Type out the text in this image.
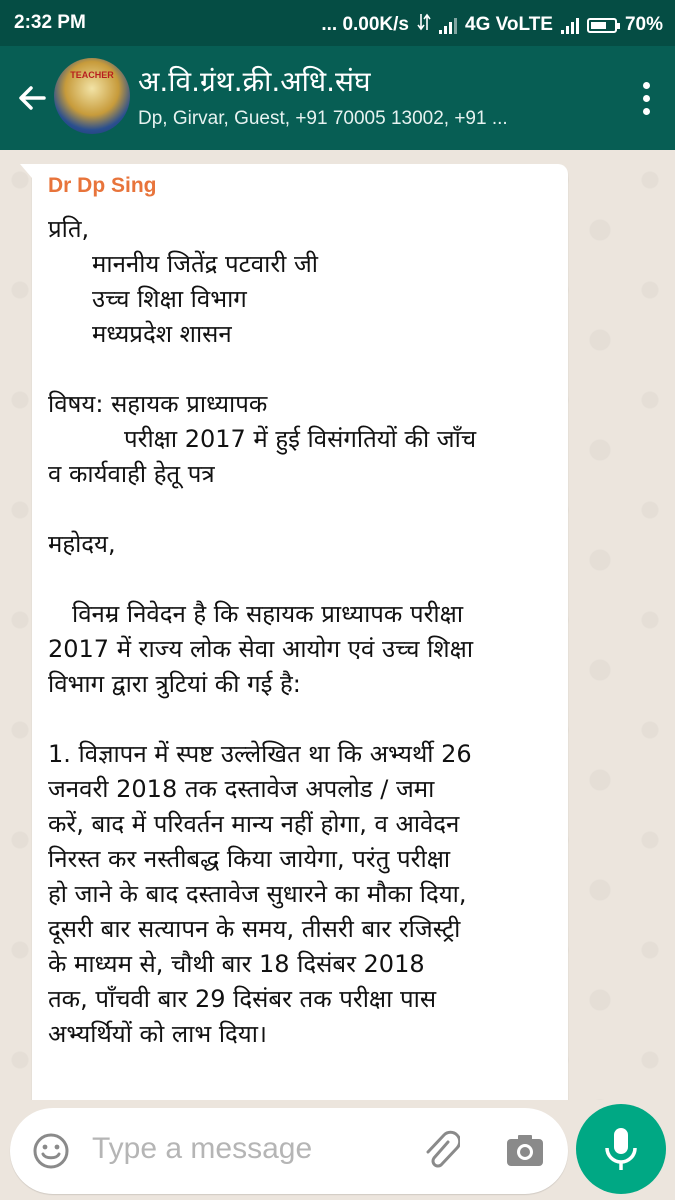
2:32 PM	... 0.00K/s	4G VoLTE	70%
TEACHER अ.वि.ग्रंथ.क्री.अधि.संघ
Dp, Girvar, Guest, +91 70005 13002, +91 ...
Dr Dp Sing

प्रति,

माननीय जितेंद्र पटवारी जी

उच्च शिक्षा विभाग

मध्यप्रदेश शासन

विषय: सहायक प्राध्यापक

परीक्षा 2017 में हुई विसंगतियों की जाँच

व कार्यवाही हेतू पत्र

महोदय,

विनम्र निवेदन है कि सहायक प्राध्यापक परीक्षा

2017 में राज्य लोक सेवा आयोग एवं उच्च शिक्षा

विभाग द्वारा त्रुटियां की गई है:

1. विज्ञापन में स्पष्ट उल्लेखित था कि अभ्यर्थी 26

जनवरी 2018 तक दस्तावेज अपलोड / जमा

करें, बाद में परिवर्तन मान्य नहीं होगा, व आवेदन

निरस्त कर नस्तीबद्ध किया जायेगा, परंतु परीक्षा

हो जाने के बाद दस्तावेज सुधारने का मौका दिया,

दूसरी बार सत्यापन के समय, तीसरी बार रजिस्ट्री

के माध्यम से, चौथी बार 18 दिसंबर 2018

तक, पाँचवी बार 29 दिसंबर तक परीक्षा पास

अभ्यर्थियों को लाभ दिया।

Type a message
